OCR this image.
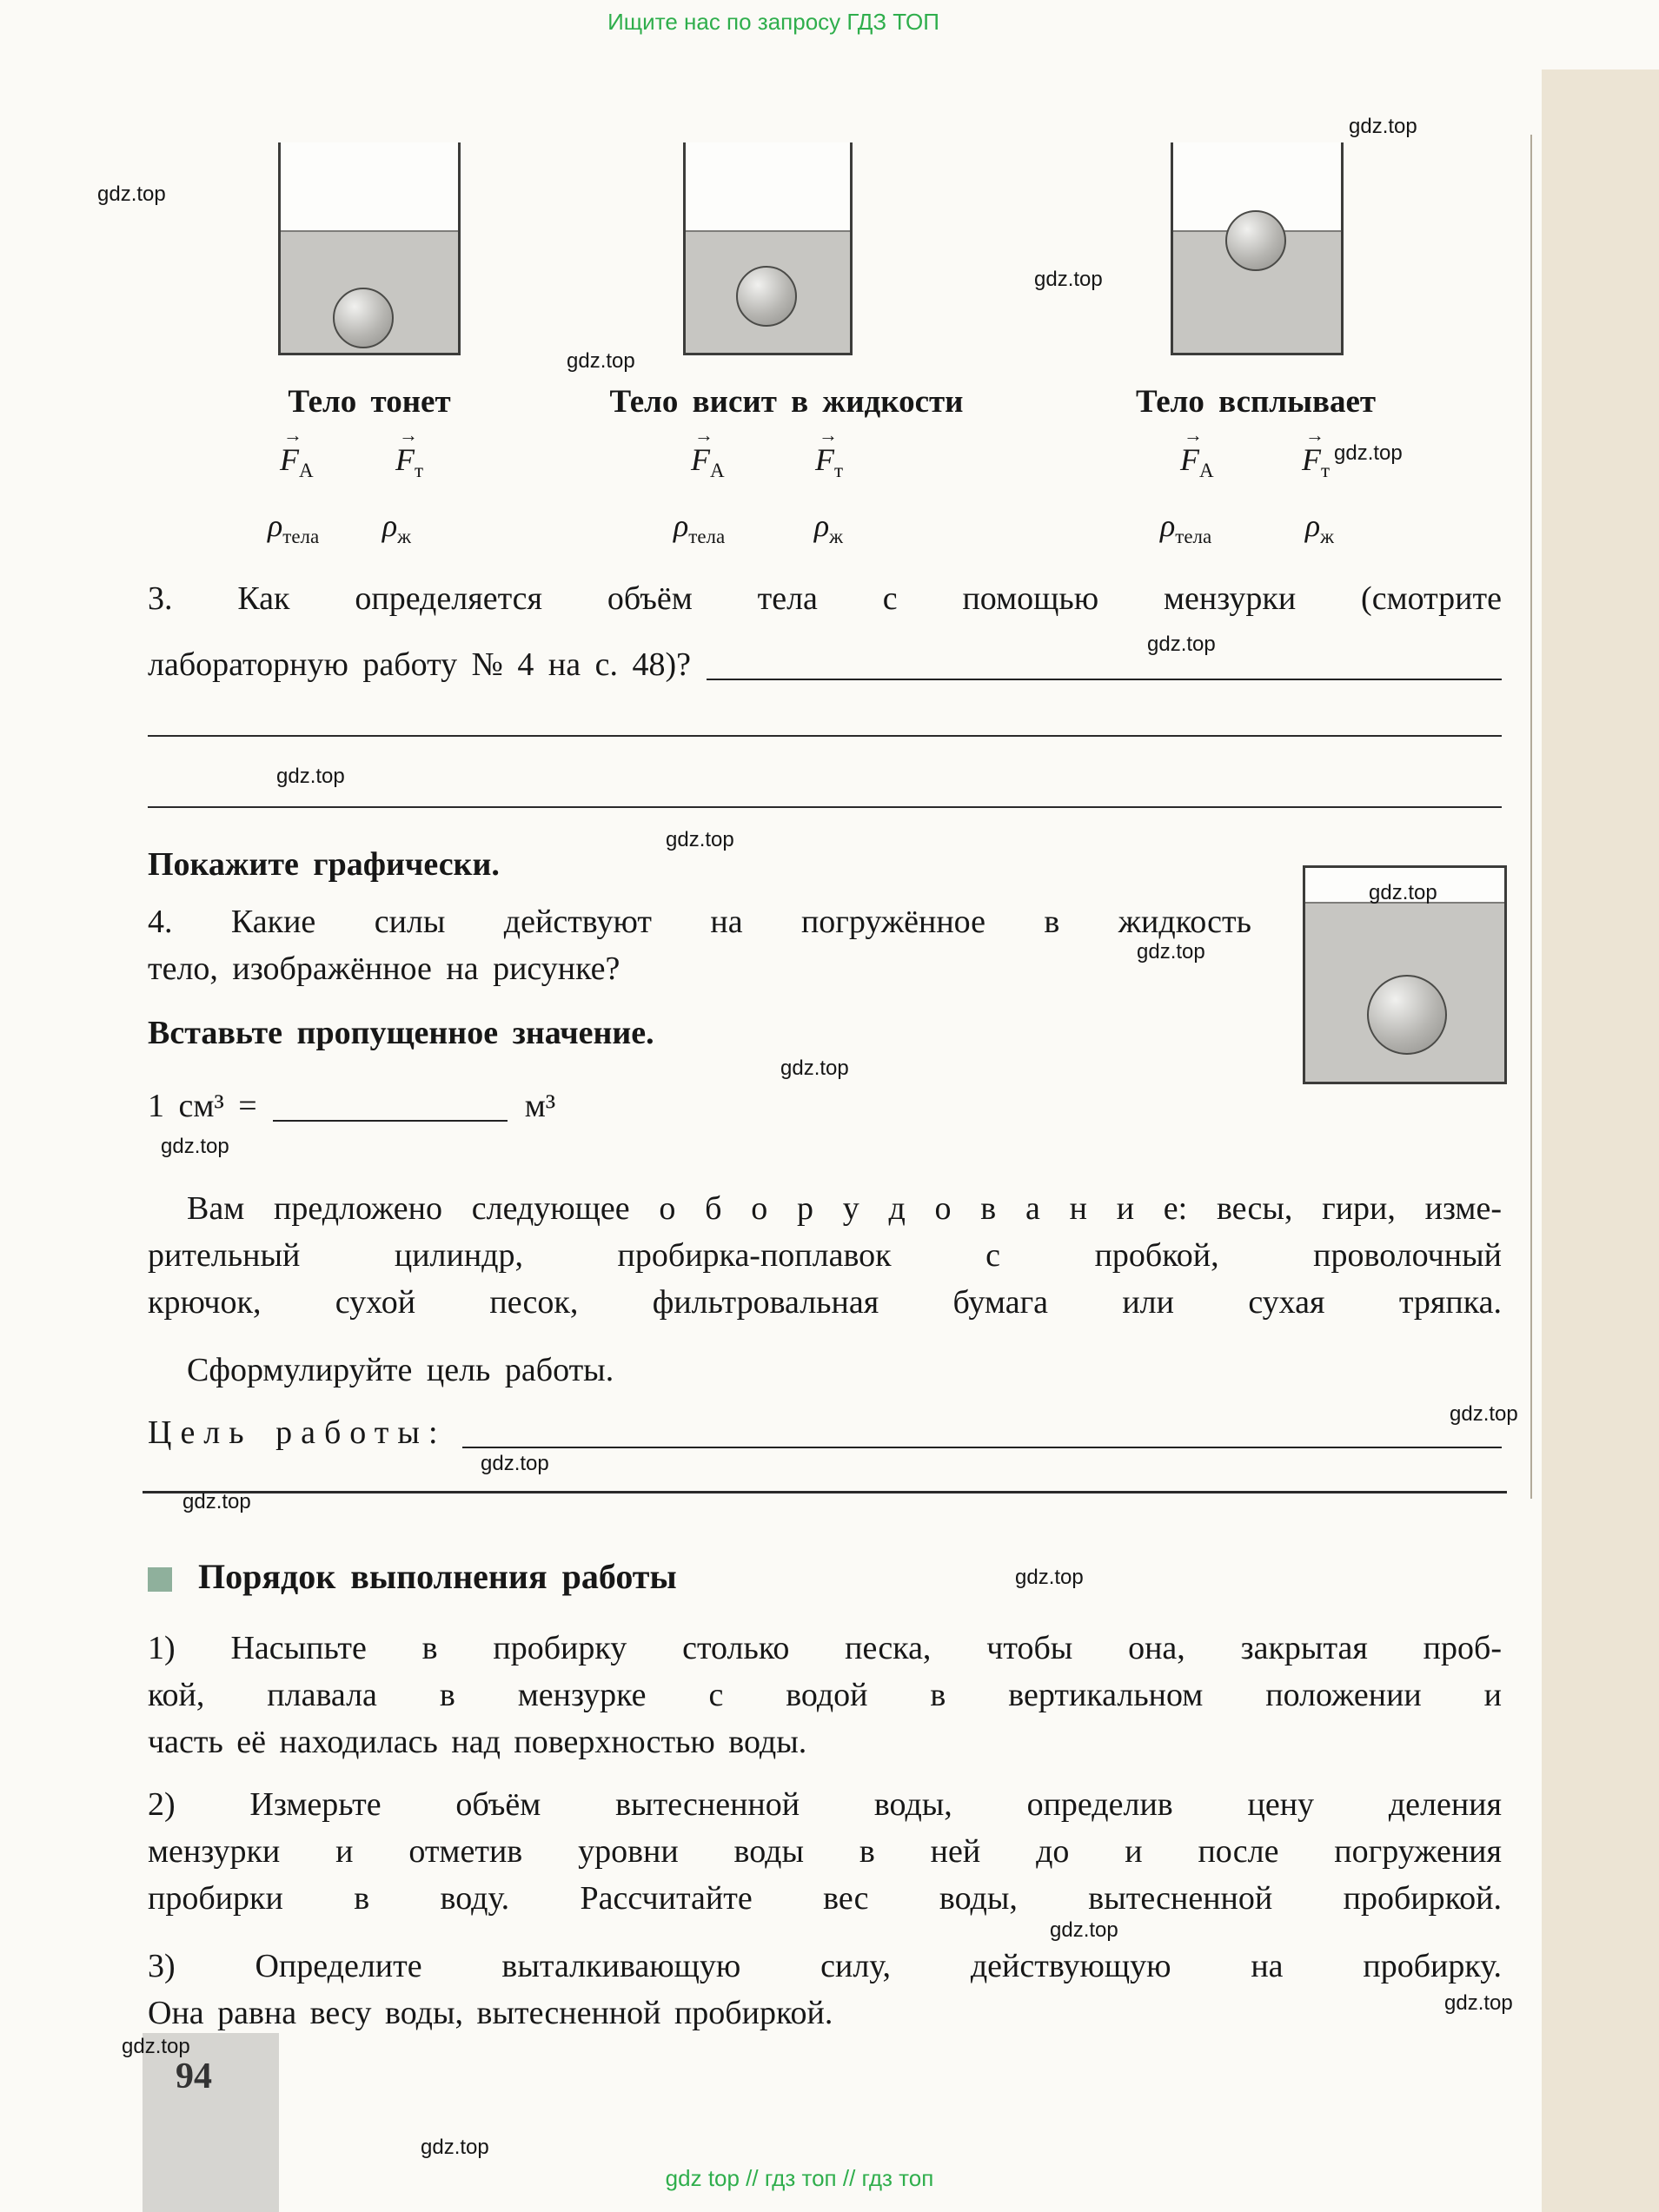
Ищите нас по запросу ГДЗ ТОП
gdz top // гдз топ // гдз топ
Тело тонет	Тело висит в жидкости	Тело всплывает
→
$F_A$
→
$F_т$
→
$F_A$
→
$F_т$
→
$F_A$
→
$F_т$
$\rho_{тела}$ $\rho_ж$	$\rho_{тела}$	$\rho_ж$	$\rho_{тела}$	$\rho_ж$
3. Как определяется объём тела с помощью мензурки (смотрите
лабораторную работу № 4 на с. 48)?
Покажите графически.
4. Какие силы действуют на погружённое в жидкость
тело, изображённое на рисунке?
Вставьте пропущенное значение.
1 см³ =	м³
Вам предложено следующее о б о р у д о в а н и е: весы, гири, изме-
рительный цилиндр, пробирка-поплавок с пробкой, проволочный
крючок, сухой песок, фильтровальная бумага или сухая тряпка.
Сформулируйте цель работы.
Цель работы:
Порядок выполнения работы
1) Насыпьте в пробирку столько песка, чтобы она, закрытая проб-
кой, плавала в мензурке с водой в вертикальном положении и
часть её находилась над поверхностью воды.
2) Измерьте объём вытесненной воды, определив цену деления
мензурки и отметив уровни воды в ней до и после погружения
пробирки в воду. Рассчитайте вес воды, вытесненной пробиркой.
3) Определите выталкивающую силу, действующую на пробирку.
Она равна весу воды, вытесненной пробиркой.
94
gdz.top
gdz.top
gdz.top
gdz.top
gdz.top
gdz.top
gdz.top
gdz.top
gdz.top
gdz.top
gdz.top
gdz.top
gdz.top
gdz.top
gdz.top
gdz.top
gdz.top
gdz.top
gdz.top
gdz.top
